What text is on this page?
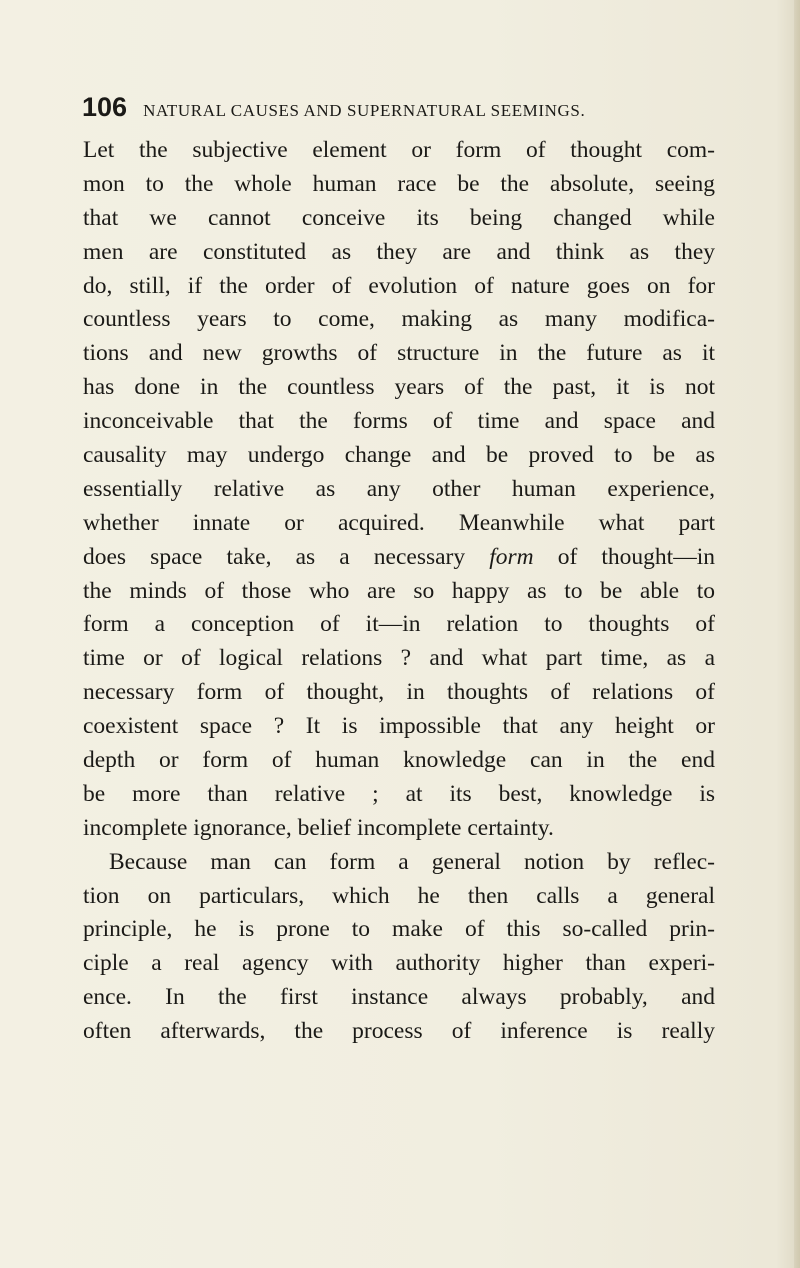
106 NATURAL CAUSES AND SUPERNATURAL SEEMINGS.
Let the subjective element or form of thought com-
mon to the whole human race be the absolute, seeing
that we cannot conceive its being changed while
men are constituted as they are and think as they
do, still, if the order of evolution of nature goes on for
countless years to come, making as many modifica-
tions and new growths of structure in the future as it
has done in the countless years of the past, it is not
inconceivable that the forms of time and space and
causality may undergo change and be proved to be as
essentially relative as any other human experience,
whether innate or acquired. Meanwhile what part
does space take, as a necessary form of thought—in
the minds of those who are so happy as to be able to
form a conception of it—in relation to thoughts of
time or of logical relations ? and what part time, as a
necessary form of thought, in thoughts of relations of
coexistent space ? It is impossible that any height or
depth or form of human knowledge can in the end
be more than relative ; at its best, knowledge is
incomplete ignorance, belief incomplete certainty.
Because man can form a general notion by reflec-
tion on particulars, which he then calls a general
principle, he is prone to make of this so-called prin-
ciple a real agency with authority higher than experi-
ence. In the first instance always probably, and
often afterwards, the process of inference is really
